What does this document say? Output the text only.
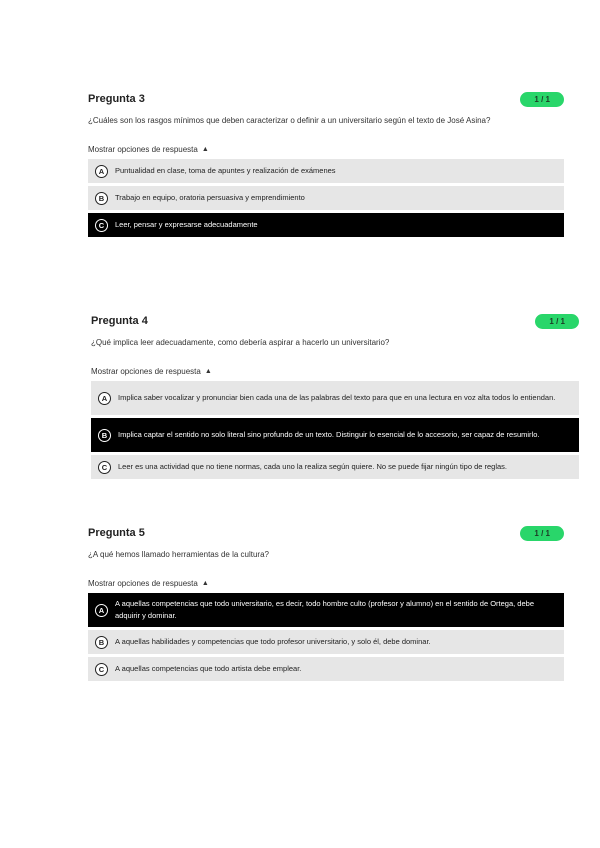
Pregunta 3	1 / 1
¿Cuáles son los rasgos mínimos que deben caracterizar o definir a un universitario según el texto de José Asina?
Mostrar opciones de respuesta ▲
A	Puntualidad en clase, toma de apuntes y realización de exámenes
B	Trabajo en equipo, oratoria persuasiva y emprendimiento
C	Leer, pensar y expresarse adecuadamente
Pregunta 4	1 / 1
¿Qué implica leer adecuadamente, como debería aspirar a hacerlo un universitario?
Mostrar opciones de respuesta ▲
A	Implica saber vocalizar y pronunciar bien cada una de las palabras del texto para que en una lectura en voz alta todos lo entiendan.
B	Implica captar el sentido no solo literal sino profundo de un texto. Distinguir lo esencial de lo accesorio, ser capaz de resumirlo.
C	Leer es una actividad que no tiene normas, cada uno la realiza según quiere. No se puede fijar ningún tipo de reglas.
Pregunta 5	1 / 1
¿A qué hemos llamado herramientas de la cultura?
Mostrar opciones de respuesta ▲
A
A aquellas competencias que todo universitario, es decir, todo hombre culto (profesor y alumno) en el sentido de Ortega, debe adquirir y dominar.
B	A aquellas habilidades y competencias que todo profesor universitario, y solo él, debe dominar.
C	A aquellas competencias que todo artista debe emplear.
